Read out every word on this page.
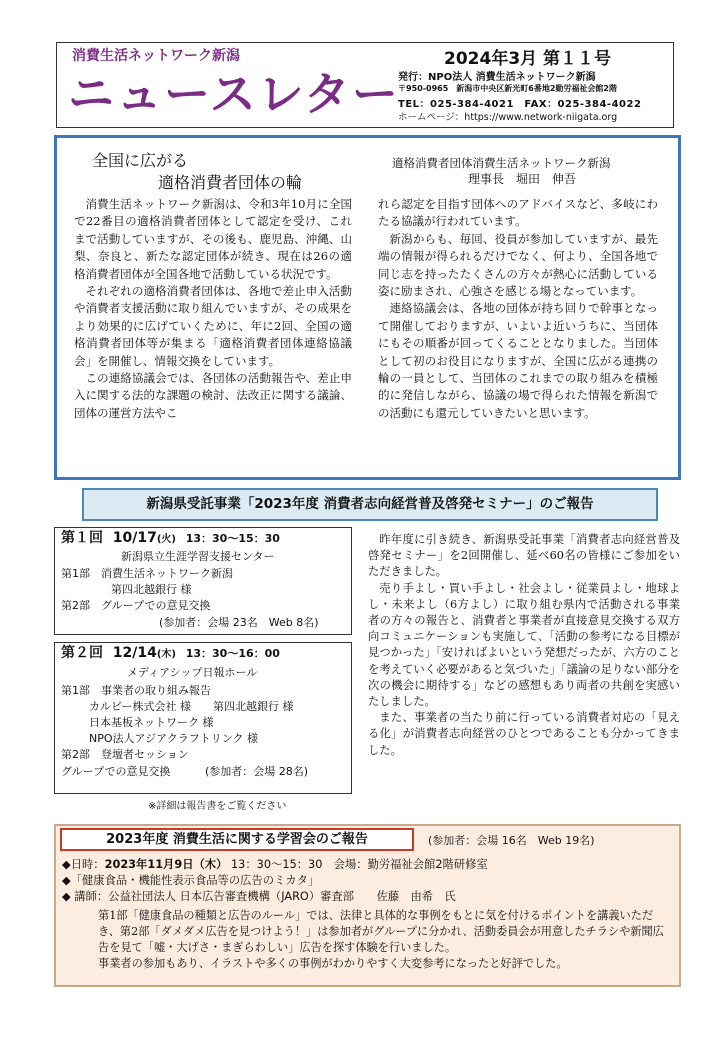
消費生活ネットワーク新潟
ニュースレター
2024年3月 第１１号
発行：NPO法人 消費生活ネットワーク新潟
〒950-0965　新潟市中央区新光町6番地2勤労福祉会館2階
TEL：025-384-4021　FAX：025-384-4022
ホームページ：https://www.network-niigata.org
全国に広がる
適格消費者団体の輪
適格消費者団体消費生活ネットワーク新潟
理事長　堀田　伸吾

消費生活ネットワーク新潟は、令和3年10月に全国で22番目の適格消費者団体として認定を受け、これまで活動していますが、その後も、鹿児島、沖縄、山梨、奈良と、新たな認定団体が続き、現在は26の適格消費者団体が全国各地で活動している状況です。

それぞれの適格消費者団体は、各地で差止申入活動や消費者支援活動に取り組んでいますが、その成果をより効果的に広げていくために、年に2回、全国の適格消費者団体等が集まる「適格消費者団体連絡協議会」を開催し、情報交換をしています。

この連絡協議会では、各団体の活動報告や、差止申入に関する法的な課題の検討、法改正に関する議論、団体の運営方法やこ

れら認定を目指す団体へのアドバイスなど、多岐にわたる協議が行われています。

新潟からも、毎回、役員が参加していますが、最先端の情報が得られるだけでなく、何より、全国各地で同じ志を持ったたくさんの方々が熱心に活動している姿に励まされ、心強さを感じる場となっています。

連絡協議会は、各地の団体が持ち回りで幹事となって開催しておりますが、いよいよ近いうちに、当団体にもその順番が回ってくることとなりました。当団体として初のお役目になりますが、全国に広がる連携の輪の一員として、当団体のこれまでの取り組みを積極的に発信しながら、協議の場で得られた情報を新潟での活動にも還元していきたいと思います。

新潟県受託事業「2023年度 消費者志向経営普及啓発セミナー」のご報告
第１回 10/17(火) 13：30〜15：30
新潟県立生涯学習支援センター
第1部　消費生活ネットワーク新潟
第四北越銀行 様
第2部　グループでの意見交換
(参加者：会場 23名　Web 8名)
第２回 12/14(木) 13：30〜16：00
メディアシップ日報ホール
第1部　事業者の取り組み報告
カルビー株式会社 様　　第四北越銀行 様
日本基板ネットワーク 様
NPO法人アジアクラフトリンク 様
第2部　登壇者セッション
グループでの意見交換	(参加者：会場 28名)
※詳細は報告書をご覧ください

昨年度に引き続き、新潟県受託事業「消費者志向経営普及啓発セミナー」を2回開催し、延べ60名の皆様にご参加をいただきました。

売り手よし・買い手よし・社会よし・従業員よし・地球よし・未来よし（6方よし）に取り組む県内で活動される事業者の方々の報告と、消費者と事業者が直接意見交換する双方向コミュニケーションも実施して、「活動の参考になる目標が見つかった」「安ければよいという発想だったが、六方のことを考えていく必要があると気づいた」「議論の足りない部分を次の機会に期待する」などの感想もあり両者の共創を実感いたしました。

また、事業者の当たり前に行っている消費者対応の「見える化」が消費者志向経営のひとつであることも分かってきました。

2023年度 消費生活に関する学習会のご報告	(参加者：会場 16名　Web 19名)
◆日時：2023年11月9日（木） 13：30〜15：30　会場：勤労福祉会館2階研修室
◆「健康食品・機能性表示食品等の広告のミカタ」
◆ 講師：公益社団法人 日本広告審査機構（JARO）審査部　　佐藤　由希　氏

第1部「健康食品の種類と広告のルール」では、法律と具体的な事例をもとに気を付けるポイントを講義いただき、第2部「ダメダメ広告を見つけよう！」は参加者がグループに分かれ、活動委員会が用意したチラシや新聞広告を見て「嘘・大げさ・まぎらわしい」広告を探す体験を行いました。

事業者の参加もあり、イラストや多くの事例がわかりやすく大変参考になったと好評でした。
